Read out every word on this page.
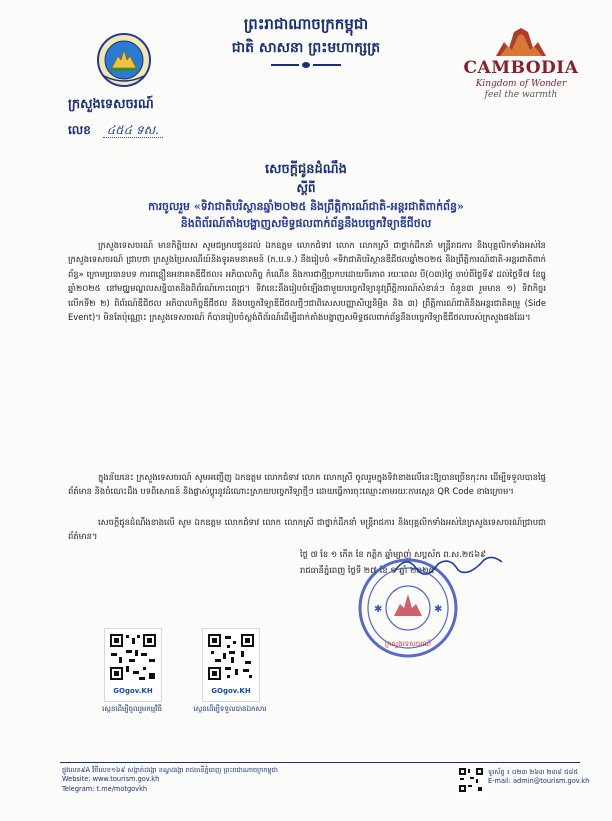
ព្រះរាជាណាចក្រកម្ពុជា
ជាតិ សាសនា ព្រះមហាក្សត្រ
ក្រសួងទេសចរណ៍
លេខ ៤៥៤ ទស.
CAMBODIA
Kingdom of Wonder
feel the warmth
សេចក្តីជូនដំណឹង
ស្តីពី
ការចូលរួម «ទិវាជាតិបរិស្ថានឆ្នាំ២០២៥ និងព្រឹត្តិការណ៍ជាតិ-អន្តរជាតិពាក់ព័ន្ធ»
និងពិព័រណ៍តាំងបង្ហាញសមិទ្ធផលពាក់ព័ន្ធនឹងបច្ចេកវិទ្យាឌីជីថល
ក្រសួងទេសចរណ៍ មានកិត្តិយស សូមជម្រាបជូនដល់ ឯកឧត្តម លោកជំទាវ លោក លោកស្រី ជាថ្នាក់ដឹកនាំ មន្ត្រីរាជការ និងបុគ្គលិកទាំងអស់នៃក្រសួងទេសចរណ៍ ជ្រាបថា ក្រសួងប្រៃសណីយ៍និងទូរគមនាគមន៍ (ក.ប.ទ.) នឹងរៀបចំ «ទិវាជាតិបរិស្ថានឌីជីថលឆ្នាំ២០២៥ និងព្រឹត្តិការណ៍ជាតិ-អន្តរជាតិពាក់ព័ន្ធ» ក្រោមប្រធានបទ ការពន្លឿនអនាគតឌីជីថល៖ អភិបាលកិច្ច កំណើន និងការជាថ្មីប្រកបដោយចីរភាព រយៈពេល បី(០៣)ថ្ងៃ ចាប់ពីថ្ងៃទី៩ ដល់ថ្ងៃទី៧ ខែធ្នូ ឆ្នាំ២០២៥ នៅមជ្ឈមណ្ឌលសន្និបាតនិងពិព័រណ៍កោះពេជ្រ។ ទិវានេះនឹងរៀបចំឡើងជាមួយបច្ចេកវិទ្យានូវព្រឹត្តិការណ៍សំខាន់ៗ ចំនួន៣ រួមមាន ១) ទិវាកិច្ចរលើកទី២ ២) ពិព័រណ៍ឌីជីថល អភិបាលកិច្ចឌីជីថល និងបច្ចេកវិទ្យាឌីជីថលថ្មីៗជាពិសេសបញ្ញាសិប្បនិម្មិត និង ៣) ព្រឹត្តិការណ៍ជាតិនិងអន្តរជាតិគម្រូ (Side Event)។ មិនតែប៉ុណ្ណោះ ក្រសួងទេសចរណ៍ ក៏បានរៀបចំស្តង់ពិព័រណ៍ដើម្បីដាក់តាំងបង្ហាញសមិទ្ធផលពាក់ព័ន្ធនឹងបច្ចេកវិទ្យាឌីជីថលរបស់ក្រសួងផងដែរ។
ក្នុងន័យនេះ ក្រសួងទេសចរណ៍ សូមអញ្ជើញ ឯកឧត្តម លោកជំទាវ លោក លោកស្រី ចូលរួមក្នុងទិវាខាងលើនេះឱ្យបានច្រើនកុះករ ដើម្បីទទួលបានផ្ទៃព័ត៌មាន និងចំណេះដឹង បទពិសោធន៍ និងផ្លាស់ប្តូរនូវដំណោះស្រាយបច្ចេកវិទ្យាថ្មីៗ ដោយធ្វើការចុះឈ្មោះតាមរយៈការស្កេន QR Code ខាងក្រោម។
សេចក្តីជូនដំណឹងខាងលើ សូម ឯកឧត្តម លោកជំទាវ លោក លោកស្រី ជាថ្នាក់ដឹកនាំ មន្ត្រីរាជការ និងបុគ្គលិកទាំងអស់នៃក្រសួងទេសចរណ៍ជ្រាបជាព័ត៌មាន។
ថ្ងៃ ៧ ខែ ១ កើត ខែ កត្តិក ឆ្នាំម្សាញ់ សប្តស័ក ព.ស.២៥៦៩
រាជធានីភ្នំពេញ ថ្ងៃទី ២៧ ខែ ១ ឆ្នាំ ២០២៥
✱	✱
ក្រសួងទេសចរណ៍
GOgov.KH	GOgov.KH
ស្កេនដើម្បីចូលរួមកម្មវិធី	ស្កេនដើម្បីទទួលបានឯកសារ
ផ្លូវលេខ៩A វិថីលេខ១៦៩ សង្កាត់ដង្កោ ខណ្ឌដង្កោ រាជធានីភ្នំពេញ ព្រះរាជាណាចក្រកម្ពុជា
Website: www.tourism.gov.kh
Telegram: t.me/motgovkh
ទូរស័ព្ទ ៖ ០២៣ ២៦៣ ២៣៨ ៥៨៥
E-mail: admin@tourism.gov.kh
